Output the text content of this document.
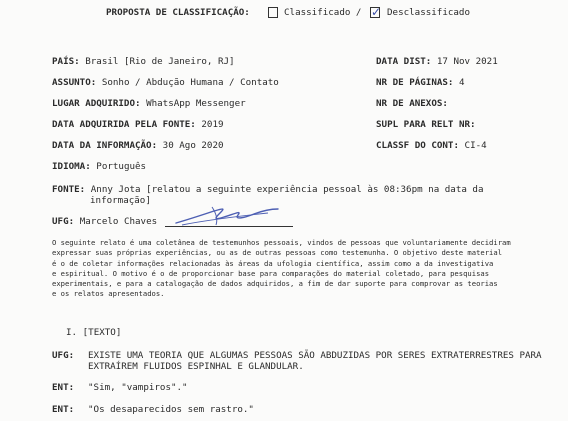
PROPOSTA DE CLASSIFICAÇÃO:	Classificado / ✓ Desclassificado
PAÍS: Brasil [Rio de Janeiro, RJ]
ASSUNTO: Sonho / Abdução Humana / Contato
LUGAR ADQUIRIDO: WhatsApp Messenger
DATA ADQUIRIDA PELA FONTE: 2019
DATA DA INFORMAÇÃO: 30 Ago 2020
IDIOMA: Português
DATA DIST: 17 Nov 2021
NR DE PÁGINAS: 4
NR DE ANEXOS:
SUPL PARA RELT NR:
CLASSF DO CONT: CI-4
FONTE: Anny Jota [relatou a seguinte experiência pessoal às 08:36pm na data da
informação]
UFG: Marcelo Chaves
O seguinte relato é uma coletânea de testemunhos pessoais, vindos de pessoas que voluntariamente decidiram
expressar suas próprias experiências, ou as de outras pessoas como testemunha. O objetivo deste material
é o de coletar informações relacionadas às áreas da ufologia científica, assim como a da investigativa
e espiritual. O motivo é o de proporcionar base para comparações do material coletado, para pesquisas
experimentais, e para a catalogação de dados adquiridos, a fim de dar suporte para comprovar as teorias
e os relatos apresentados.
I. [TEXTO]
UFG: EXISTE UMA TEORIA QUE ALGUMAS PESSOAS SÃO ABDUZIDAS POR SERES EXTRATERRESTRES PARA
EXTRAÍREM FLUIDOS ESPINHAL E GLANDULAR.
ENT: "Sim, "vampiros"."
ENT: "Os desaparecidos sem rastro."
